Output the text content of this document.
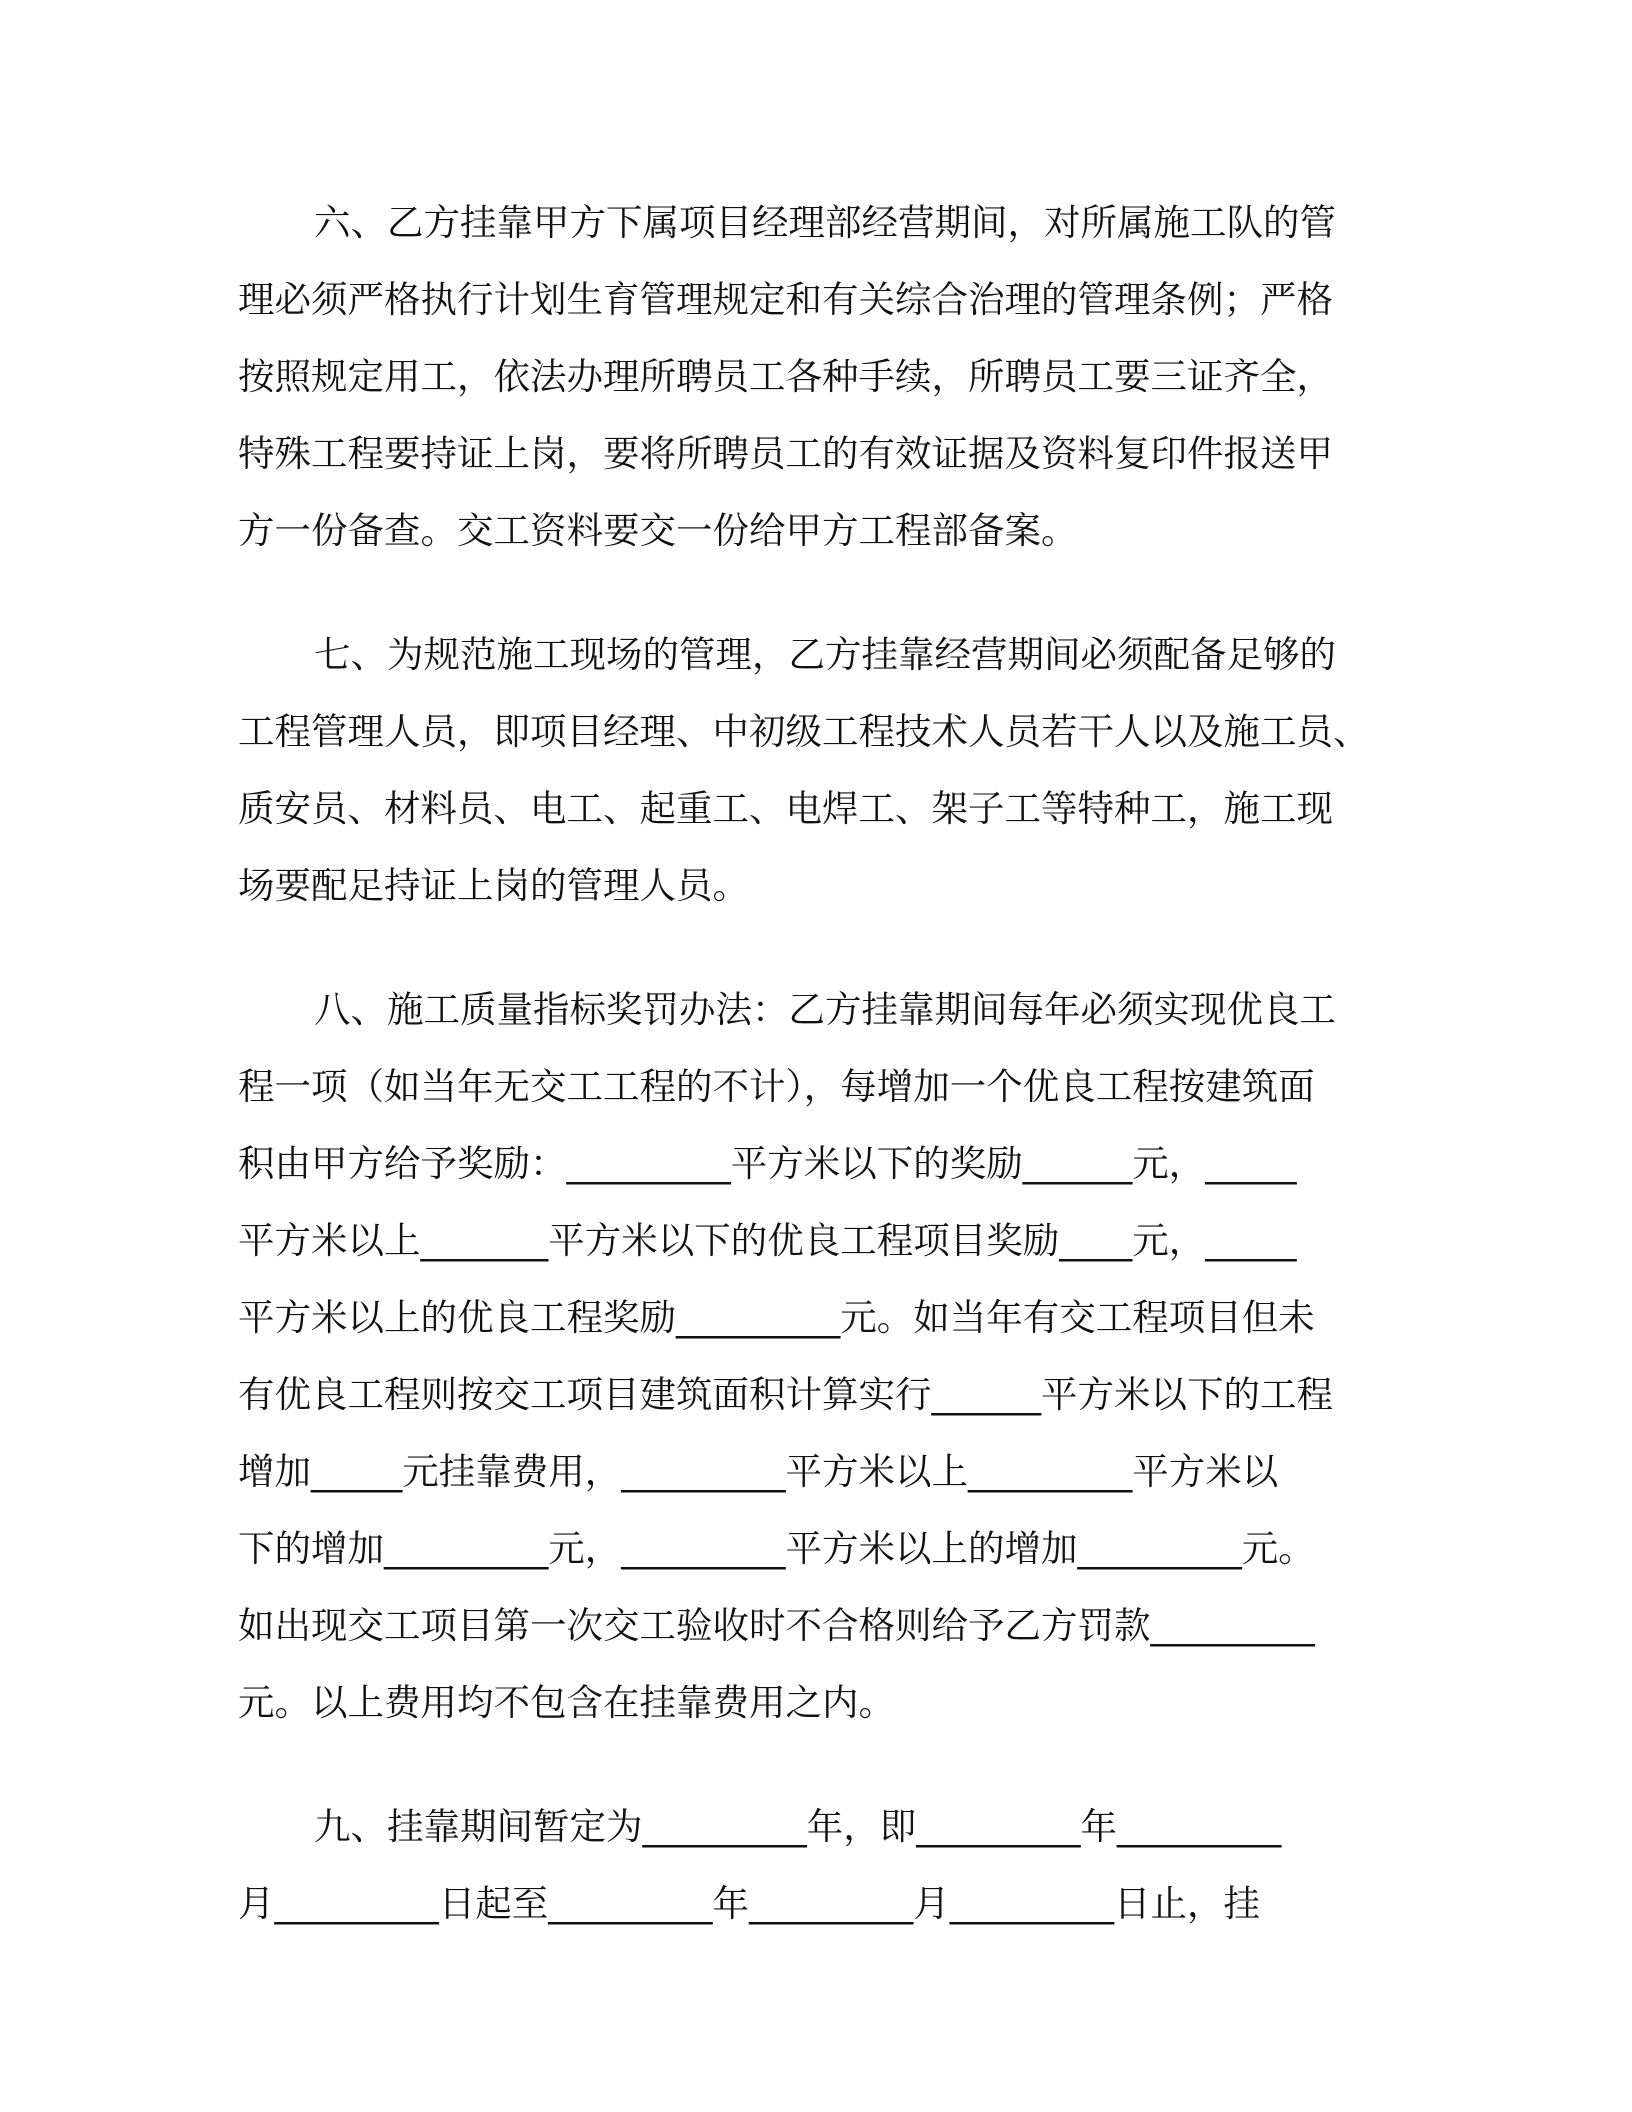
六、乙方挂靠甲方下属项目经理部经营期间，对所属施工队的管
理必须严格执行计划生育管理规定和有关综合治理的管理条例；严格
按照规定用工，依法办理所聘员工各种手续，所聘员工要三证齐全，
特殊工程要持证上岗，要将所聘员工的有效证据及资料复印件报送甲
方一份备查。交工资料要交一份给甲方工程部备案。
七、为规范施工现场的管理，乙方挂靠经营期间必须配备足够的
工程管理人员，即项目经理、中初级工程技术人员若干人以及施工员、
质安员、材料员、电工、起重工、电焊工、架子工等特种工，施工现
场要配足持证上岗的管理人员。
八、施工质量指标奖罚办法：乙方挂靠期间每年必须实现优良工
程一项（如当年无交工工程的不计），每增加一个优良工程按建筑面
积由甲方给予奖励：_________平方米以下的奖励______元，_____
平方米以上_______平方米以下的优良工程项目奖励____元，_____
平方米以上的优良工程奖励_________元。如当年有交工程项目但未
有优良工程则按交工项目建筑面积计算实行______平方米以下的工程
增加_____元挂靠费用，_________平方米以上_________平方米以
下的增加_________元，_________平方米以上的增加_________元。
如出现交工项目第一次交工验收时不合格则给予乙方罚款_________
元。以上费用均不包含在挂靠费用之内。
九、挂靠期间暂定为_________年，即_________年_________
月_________日起至_________年_________月_________日止，挂
